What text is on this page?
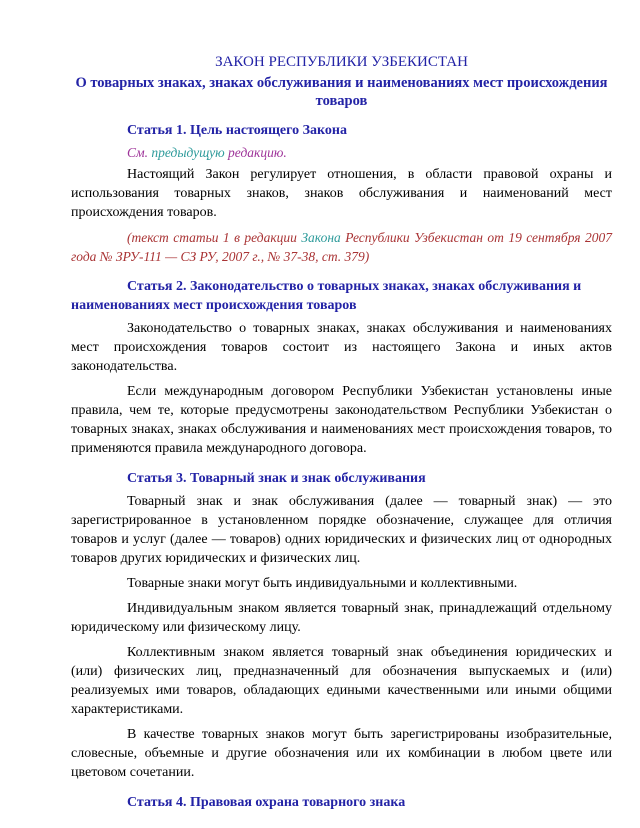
ЗАКОН РЕСПУБЛИКИ УЗБЕКИСТАН

О товарных знаках, знаках обслуживания и наименованиях мест происхождения товаров

Статья 1. Цель настоящего Закона

См. предыдущую редакцию.

Настоящий Закон регулирует отношения, в области правовой охраны и использования товарных знаков, знаков обслуживания и наименований мест происхождения товаров.

(текст статьи 1 в редакции Закона Республики Узбекистан от 19 сентября 2007 года № ЗРУ-111 — СЗ РУ, 2007 г., № 37-38, ст. 379)

Статья 2. Законодательство о товарных знаках, знаках обслуживания и наименованиях мест происхождения товаров

Законодательство о товарных знаках, знаках обслуживания и наименованиях мест происхождения товаров состоит из настоящего Закона и иных актов законодательства.

Если международным договором Республики Узбекистан установлены иные правила, чем те, которые предусмотрены законодательством Республики Узбекистан о товарных знаках, знаках обслуживания и наименованиях мест происхождения товаров, то применяются правила международного договора.

Статья 3. Товарный знак и знак обслуживания

Товарный знак и знак обслуживания (далее — товарный знак) — это зарегистрированное в установленном порядке обозначение, служащее для отличия товаров и услуг (далее — товаров) одних юридических и физических лиц от однородных товаров других юридических и физических лиц.

Товарные знаки могут быть индивидуальными и коллективными.

Индивидуальным знаком является товарный знак, принадлежащий отдельному юридическому или физическому лицу.

Коллективным знаком является товарный знак объединения юридических и (или) физических лиц, предназначенный для обозначения выпускаемых и (или) реализуемых ими товаров, обладающих едиными качественными или иными общими характеристиками.

В качестве товарных знаков могут быть зарегистрированы изобразительные, словесные, объемные и другие обозначения или их комбинации в любом цвете или цветовом сочетании.

Статья 4. Правовая охрана товарного знака
